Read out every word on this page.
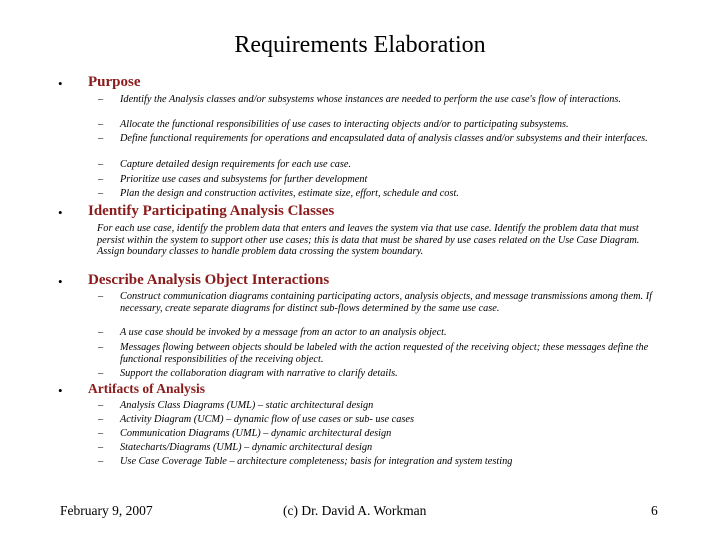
Requirements Elaboration
• Purpose
– Identify the Analysis classes and/or subsystems whose instances are needed to perform the use case's flow of interactions.
– Allocate the functional responsibilities of use cases to interacting objects and/or to participating subsystems.
– Define functional requirements for operations and encapsulated data of analysis classes and/or subsystems and their interfaces.
– Capture detailed design requirements for each use case.
– Prioritize use cases and subsystems for further development
– Plan the design and construction activites, estimate size, effort, schedule and cost.
• Identify Participating Analysis Classes
For each use case, identify the problem data that enters and leaves the system via that use case. Identify the problem data that must persist within the system to support other use cases; this is data that must be shared by use cases related on the Use Case Diagram. Assign boundary classes to handle problem data crossing the system boundary.
• Describe Analysis Object Interactions
– Construct communication diagrams containing participating actors, analysis objects, and message transmissions among them. If necessary, create separate diagrams for distinct sub-flows determined by the same use case.
– A use case should be invoked by a message from an actor to an analysis object.
– Messages flowing between objects should be labeled with the action requested of the receiving object; these messages define the functional responsibilities of the receiving object.
– Support the collaboration diagram with narrative to clarify details.
• Artifacts of Analysis
– Analysis Class Diagrams (UML) – static architectural design
– Activity Diagram (UCM) – dynamic flow of use cases or sub- use cases
– Communication Diagrams (UML) – dynamic architectural design
– Statecharts/Diagrams (UML) – dynamic architectural design
– Use Case Coverage Table – architecture completeness; basis for integration and system testing
February 9, 2007	(c) Dr. David A. Workman	6
